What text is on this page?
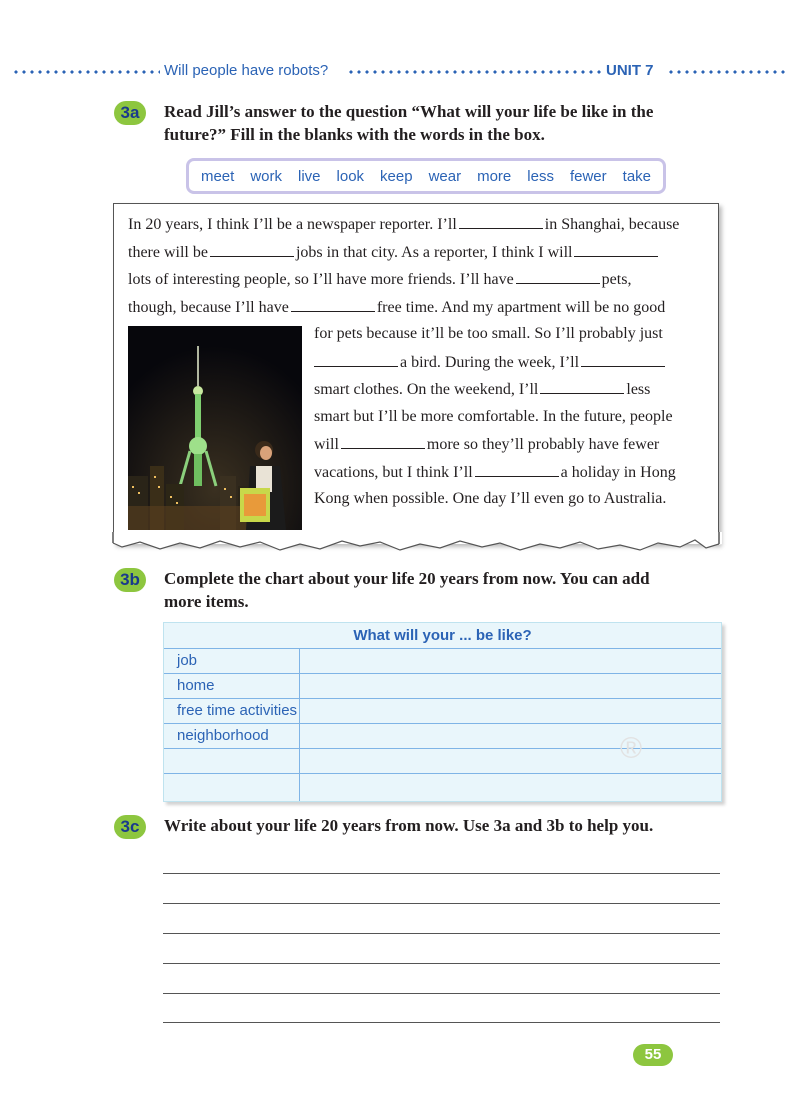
Will people have robots?	UNIT 7
3a	Read Jill’s answer to the question “What will your life be like in the
future?” Fill in the blanks with the words in the box.
meet work live look keep wear more less fewer take
In 20 years, I think I’ll be a newspaper reporter. I’ll	in Shanghai, because
there will be	jobs in that city. As a reporter, I think I will
lots of interesting people, so I’ll have more friends. I’ll have	pets,
though, because I’ll have	free time. And my apartment will be no good
for pets because it’ll be too small. So I’ll probably just
a bird. During the week, I’ll
smart clothes. On the weekend, I’ll	less
smart but I’ll be more comfortable. In the future, people
will	more so they’ll probably have fewer
vacations, but I think I’ll	a holiday in Hong
Kong when possible. One day I’ll even go to Australia.
3b	Complete the chart about your life 20 years from now. You can add
more items.
What will your ... be like?
job
home
free time activities
neighborhood	®
3c	Write about your life 20 years from now. Use 3a and 3b to help you.
55
